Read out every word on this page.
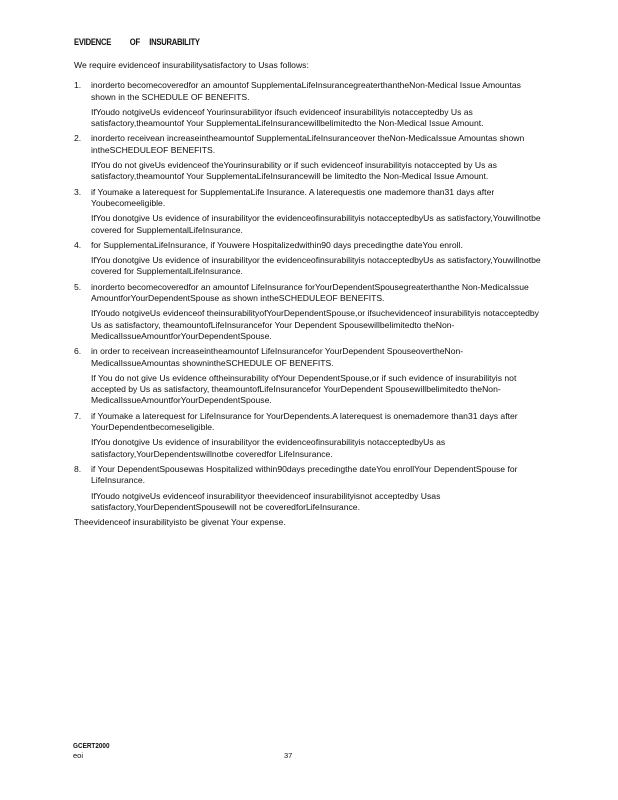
EVIDENCE          OF     INSURABILITY

We require evidenceof insurabilitysatisfactory to Usas follows:

1. inorderto becomecoveredfor an amountof SupplementaLifeInsurancegreaterthantheNon-Medical Issue Amountas shown in the SCHEDULE OF BENEFITS.
IfYoudo notgiveUs evidenceof Yourinsurabilityor ifsuch evidenceof insurabilityis notacceptedby Us as satisfactory,theamountof Your SupplementaLifeInsurancewillbelimitedto the Non-Medical Issue Amount.
2. inorderto receivean increaseintheamountof SupplementaLifeInsuranceover theNon-MedicaIssue Amountas shown intheSCHEDULEOF BENEFITS.
IfYou do not giveUs evidenceof theYourinsurability or if such evidenceof insurabilityis notaccepted by Us as satisfactory,theamountof Your SupplementaLifeInsurancewill be limitedto the Non-Medical Issue Amount.
3. if Youmake a laterequest for SupplementaLife Insurance. A laterequestis one mademore than31 days after Youbecomeeligible.
IfYou donotgive Us evidence of insurabilityor the evidenceofinsurabilityis notacceptedbyUs as satisfactory,Youwillnotbe covered for SupplementalLifeInsurance.
4. for SupplementaLifeInsurance, if Youwere Hospitalizedwithin90 days precedingthe dateYou enroll.
IfYou donotgive Us evidence of insurabilityor the evidenceofinsurabilityis notacceptedbyUs as satisfactory,Youwillnotbe covered for SupplementalLifeInsurance.
5. inorderto becomecoveredfor an amountof LifeInsurance forYourDependentSpousegreaterthanthe Non-MedicaIssue AmountforYourDependentSpouse as shown intheSCHEDULEOF BENEFITS.
IfYoudo notgiveUs evidenceof theinsurabilityofYourDependentSpouse,or ifsuchevidenceof insurabilityis notacceptedby Us as satisfactory, theamountofLifeInsurancefor Your Dependent Spousewillbelimitedto theNon-MedicalIssueAmountforYourDependentSpouse.
6. in order to receivean increaseintheamountof LifeInsurancefor YourDependent SpouseovertheNon-MedicalIssueAmountas shownintheSCHEDULE OF BENEFITS.
If You do not give Us evidence oftheinsurability ofYour DependentSpouse,or if such evidence of insurabilityis not accepted by Us as satisfactory, theamountofLifeInsurancefor YourDependent Spousewillbelimitedto theNon-MedicalIssueAmountforYourDependentSpouse.
7. if Youmake a laterequest for LifeInsurance for YourDependents.A laterequest is onemademore than31 days after YourDependentbecomeseligible.
IfYou donotgive Us evidence of insurabilityor the evidenceofinsurabilityis notacceptedbyUs as satisfactory,YourDependentswillnotbe coveredfor LifeInsurance.
8. if Your DependentSpousewas Hospitalized within90days precedingthe dateYou enrollYour DependentSpouse for LifeInsurance.
IfYoudo notgiveUs evidenceof insurabilityor theevidenceof insurabilityisnot acceptedby Usas satisfactory,YourDependentSpousewill not be coveredforLifeInsurance.

Theevidenceof insurabilityisto be givenat Your expense.

GCERT2000
eoi	37
